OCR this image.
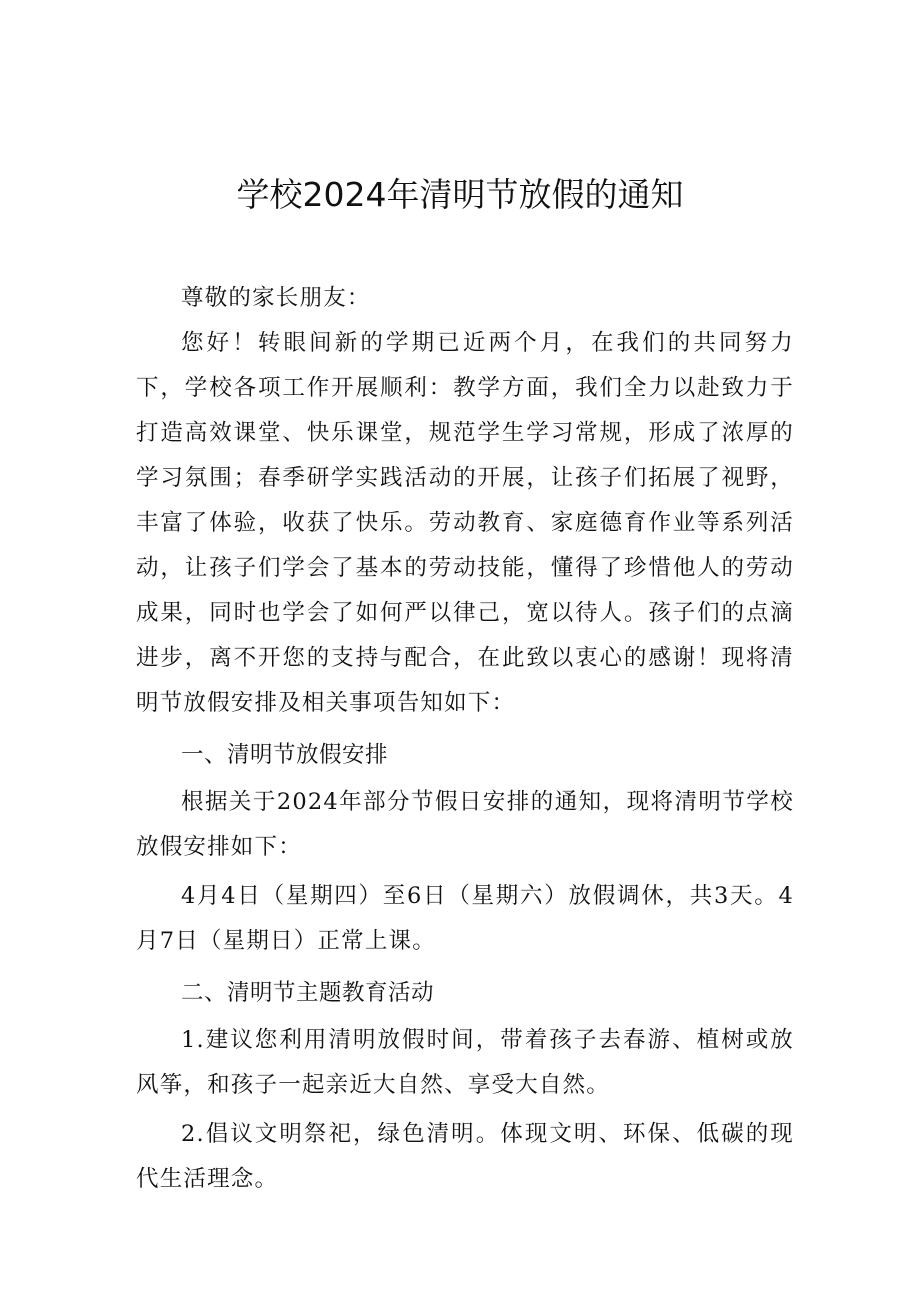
学校2024年清明节放假的通知

尊敬的家长朋友：

您好！转眼间新的学期已近两个月，在我们的共同努力下，学校各项工作开展顺利：教学方面，我们全力以赴致力于打造高效课堂、快乐课堂，规范学生学习常规，形成了浓厚的学习氛围；春季研学实践活动的开展，让孩子们拓展了视野，丰富了体验，收获了快乐。劳动教育、家庭德育作业等系列活动，让孩子们学会了基本的劳动技能，懂得了珍惜他人的劳动成果，同时也学会了如何严以律己，宽以待人。孩子们的点滴进步，离不开您的支持与配合，在此致以衷心的感谢！现将清明节放假安排及相关事项告知如下：

一、清明节放假安排

根据关于2024年部分节假日安排的通知，现将清明节学校放假安排如下：

4月4日（星期四）至6日（星期六）放假调休，共3天。4月7日（星期日）正常上课。

二、清明节主题教育活动

1.建议您利用清明放假时间，带着孩子去春游、植树或放风筝，和孩子一起亲近大自然、享受大自然。

2.倡议文明祭祀，绿色清明。体现文明、环保、低碳的现代生活理念。
